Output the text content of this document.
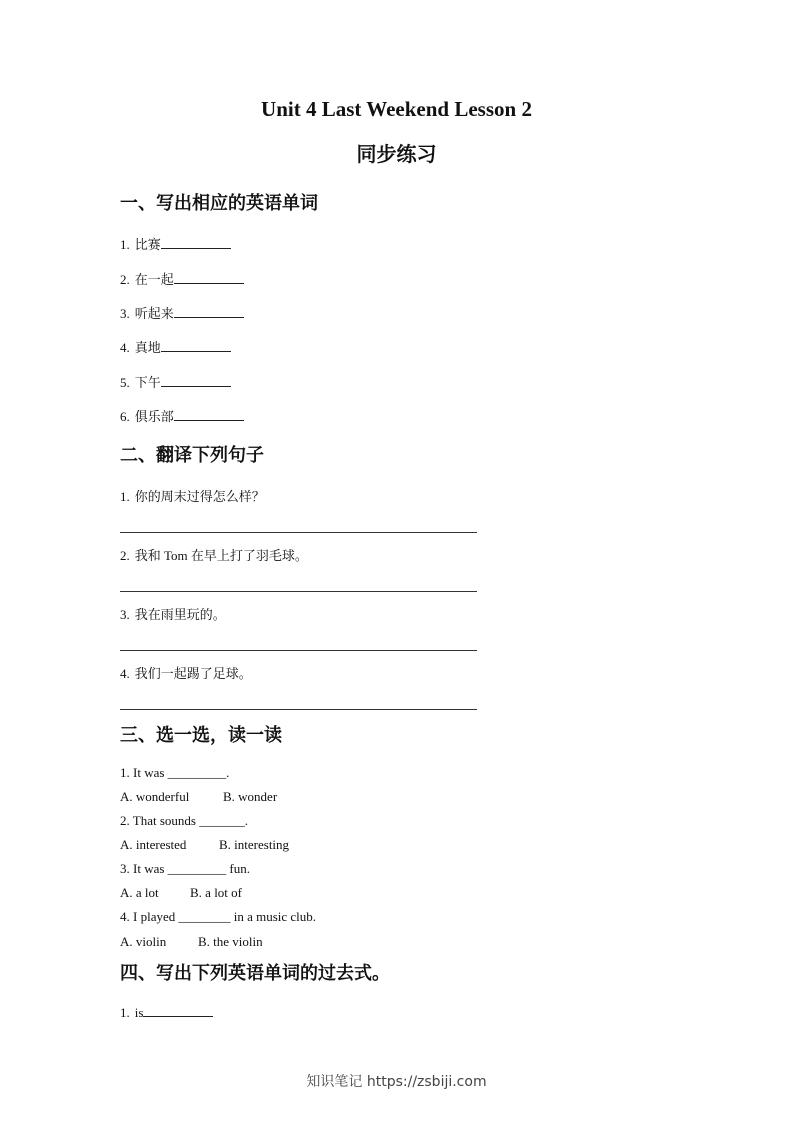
Unit 4 Last Weekend Lesson 2
同步练习
一、写出相应的英语单词
1. 比赛
2. 在一起
3. 听起来
4. 真地
5. 下午
6. 俱乐部
二、翻译下列句子
1. 你的周末过得怎么样？
2. 我和 Tom 在早上打了羽毛球。
3. 我在雨里玩的。
4. 我们一起踢了足球。
三、选一选，读一读
1. It was _________.
A. wonderful	B. wonder
2. That sounds _______.
A. interested	B. interesting
3. It was _________ fun.
A. a lot B. a lot of
4. I played ________ in a music club.
A. violin B. the violin
四、写出下列英语单词的过去式。
1. is
知识笔记 https://zsbiji.com
